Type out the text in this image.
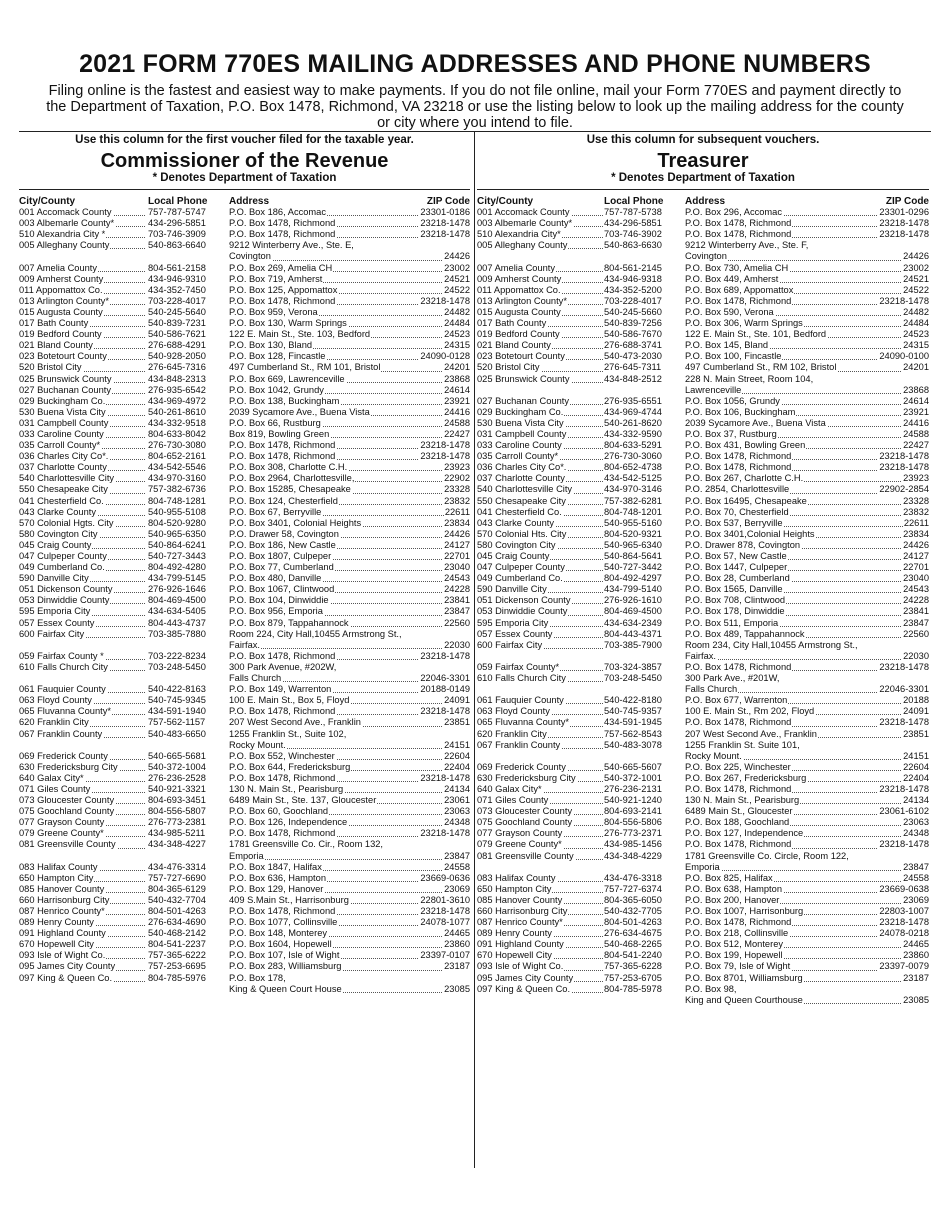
2021 FORM 770ES MAILING ADDRESSES AND PHONE NUMBERS

Filing online is the fastest and easiest way to make payments. If you do not file online, mail your Form 770ES and payment directly to the Department of Taxation, P.O. Box 1478, Richmond, VA 23218 or use the listing below to look up the mailing address for the county or city where you intend to file.

Use this column for the first voucher filed for the taxable year.

Commissioner of the Revenue

* Denotes Department of Taxation

City/County	Local Phone	Address	ZIP Code
001 Accomack County	757-787-5747	P.O. Box 186, Accomac	23301-0186
003 Albemarle County*	434-296-5851	P.O. Box 1478, Richmond	23218-1478
510 Alexandria City *	703-746-3909	P.O. Box 1478, Richmond	23218-1478
005 Alleghany County	540-863-6640	9212 Winterberry Ave., Ste. E,
Covington	24426
007 Amelia County	804-561-2158	P.O. Box 269, Amelia CH	23002
009 Amherst County	434-946-9310	P.O. Box 719, Amherst	24521
011 Appomattox Co.	434-352-7450	P.O. Box 125, Appomattox	24522
013 Arlington County*	703-228-4017	P.O. Box 1478, Richmond	23218-1478
015 Augusta County	540-245-5640	P.O. Box 959, Verona	24482
017 Bath County	540-839-7231	P.O. Box 130, Warm Springs	24484
019 Bedford County	540-586-7621	122 E. Main St., Ste. 103, Bedford	24523
021 Bland County	276-688-4291	P.O. Box 130, Bland	24315
023 Botetourt County	540-928-2050	P.O. Box 128, Fincastle	24090-0128
520 Bristol City	276-645-7316	497 Cumberland St., RM 101, Bristol	24201
025 Brunswick County	434-848-2313	P.O. Box 669, Lawrenceville	23868
027 Buchanan County	276-935-6542	P.O. Box 1042, Grundy	24614
029 Buckingham Co.	434-969-4972	P.O. Box 138, Buckingham	23921
530 Buena Vista City	540-261-8610	2039 Sycamore Ave., Buena Vista	24416
031 Campbell County	434-332-9518	P.O. Box 66, Rustburg	24588
033 Caroline County	804-633-8042	Box 819, Bowling Green	22427
035 Carroll County*	276-730-3080	P.O. Box 1478, Richmond	23218-1478
036 Charles City Co*.	804-652-2161	P.O. Box 1478, Richmond	23218-1478
037 Charlotte County	434-542-5546	P.O. Box 308, Charlotte C.H.	23923
540 Charlottesville City	434-970-3160	P.O. Box 2964, Charlottesville,	22902
550 Chesapeake City	757-382-6736	P.O. Box 15285, Chesapeake	23328
041 Chesterfield Co.	804-748-1281	P.O. Box 124, Chesterfield	23832
043 Clarke County	540-955-5108	P.O. Box 67, Berryville	22611
570 Colonial Hgts. City	804-520-9280	P.O. Box 3401, Colonial Heights	23834
580 Covington City	540-965-6350	P.O. Drawer 58, Covington	24426
045 Craig County	540-864-6241	P.O. Box 186, New Castle	24127
047 Culpeper County	540-727-3443	P.O. Box 1807, Culpeper	22701
049 Cumberland Co.	804-492-4280	P.O. Box 77, Cumberland	23040
590 Danville City	434-799-5145	P.O. Box 480, Danville	24543
051 Dickenson County	276-926-1646	P.O. Box 1067, Clintwood	24228
053 Dinwiddie County	804-469-4500	P.O. Box 104, Dinwiddie	23841
595 Emporia City	434-634-5405	P.O. Box 956, Emporia	23847
057 Essex County	804-443-4737	P.O. Box 879, Tappahannock	22560
600 Fairfax City	703-385-7880	Room 224, City Hall,10455 Armstrong St.,
Fairfax.	22030
059 Fairfax County *	703-222-8234	P.O. Box 1478, Richmond	23218-1478
610 Falls Church City	703-248-5450	300 Park Avenue, #202W,
Falls Church	22046-3301
061 Fauquier County	540-422-8163	P.O. Box 149, Warrenton	20188-0149
063 Floyd County	540-745-9345	100 E. Main St., Box 5, Floyd	24091
065 Fluvanna County*	434-591-1940	P.O. Box 1478, Richmond	23218-1478
620 Franklin City	757-562-1157	207 West Second Ave., Franklin	23851
067 Franklin County	540-483-6650	1255 Franklin St., Suite 102,
Rocky Mount.	24151
069 Frederick County	540-665-5681	P.O. Box 552, Winchester	22604
630 Fredericksburg City	540-372-1004	P.O. Box 644, Fredericksburg	22404
640 Galax City*	276-236-2528	P.O. Box 1478, Richmond	23218-1478
071 Giles County	540-921-3321	130 N. Main St., Pearisburg	24134
073 Gloucester County	804-693-3451	6489 Main St., Ste. 137, Gloucester	23061
075 Goochland County	804-556-5807	P.O. Box 60, Goochland	23063
077 Grayson County	276-773-2381	P.O. Box 126, Independence	24348
079 Greene County*	434-985-5211	P.O. Box 1478, Richmond	23218-1478
081 Greensville County	434-348-4227	1781 Greensville Co. Cir., Room 132,
Emporia	23847
083 Halifax County	434-476-3314	P.O. Box 1847, Halifax	24558
650 Hampton City	757-727-6690	P.O. Box 636, Hampton	23669-0636
085 Hanover County	804-365-6129	P.O. Box 129, Hanover	23069
660 Harrisonburg City	540-432-7704	409 S.Main St., Harrisonburg	22801-3610
087 Henrico County*	804-501-4263	P.O. Box 1478, Richmond	23218-1478
089 Henry County	276-634-4690	P.O. Box 1077, Collinsville	24078-1077
091 Highland County	540-468-2142	P.O. Box 148, Monterey	24465
670 Hopewell City	804-541-2237	P.O. Box 1604, Hopewell	23860
093 Isle of Wight Co.	757-365-6222	P.O. Box 107, Isle of Wight	23397-0107
095 James City County	757-253-6695	P.O. Box 283, Williamsburg	23187
097 King & Queen Co.	804-785-5976	P.O. Box 178,
King & Queen Court House	23085

Use this column for subsequent vouchers.

Treasurer

* Denotes Department of Taxation

City/County	Local Phone	Address	ZIP Code
001 Accomack County	757-787-5738	P.O. Box 296, Accomac	23301-0296
003 Albemarle County*	434-296-5851	P.O. Box 1478, Richmond	23218-1478
510 Alexandria City*	703-746-3902	P.O. Box 1478, Richmond	23218-1478
005 Alleghany County	540-863-6630	9212 Winterberry Ave., Ste. F,
Covington	24426
007 Amelia County	804-561-2145	P.O. Box 730, Amelia CH	23002
009 Amherst County	434-946-9318	P.O. Box 449, Amherst	24521
011 Appomattox Co.	434-352-5200	P.O. Box 689, Appomattox	24522
013 Arlington County*	703-228-4017	P.O. Box 1478, Richmond	23218-1478
015 Augusta County	540-245-5660	P.O. Box 590, Verona	24482
017 Bath County	540-839-7256	P.O. Box 306, Warm Springs	24484
019 Bedford County	540-586-7670	122 E. Main St., Ste. 101, Bedford	24523
021 Bland County	276-688-3741	P.O. Box 145, Bland	24315
023 Botetourt County	540-473-2030	P.O. Box 100, Fincastle	24090-0100
520 Bristol City	276-645-7311	497 Cumberland St., RM 102, Bristol	24201
025 Brunswick County	434-848-2512	228 N. Main Street, Room 104,
Lawrenceville	23868
027 Buchanan County	276-935-6551	P.O. Box 1056, Grundy	24614
029 Buckingham Co.	434-969-4744	P.O. Box 106, Buckingham	23921
530 Buena Vista City	540-261-8620	2039 Sycamore Ave., Buena Vista	24416
031 Campbell County	434-332-9590	P.O. Box 37, Rustburg	24588
033 Caroline County	804-633-5291	P.O. Box 431, Bowling Green	22427
035 Carroll County*	276-730-3060	P.O. Box 1478, Richmond	23218-1478
036 Charles City Co*.	804-652-4738	P.O. Box 1478, Richmond	23218-1478
037 Charlotte County	434-542-5125	P.O. Box 267, Charlotte C.H.	23923
540 Charlottesville City	434-970-3146	P.O. 2854, Charlottesville	22902-2854
550 Chesapeake City	757-382-6281	P.O. Box 16495, Chesapeake	23328
041 Chesterfield Co.	804-748-1201	P.O. Box 70, Chesterfield	23832
043 Clarke County	540-955-5160	P.O. Box 537, Berryville	22611
570 Colonial Hts. City	804-520-9321	P.O. Box 3401,Colonial Heights	23834
580 Covington City	540-965-6340	P.O. Drawer 878, Covington	24426
045 Craig County	540-864-5641	P.O. Box 57, New Castle	24127
047 Culpeper County	540-727-3442	P.O. Box 1447, Culpeper	22701
049 Cumberland Co.	804-492-4297	P.O. Box 28, Cumberland	23040
590 Danville City	434-799-5140	P.O. Box 1565, Danville	24543
051 Dickenson County	276-926-1610	P.O. Box 708, Clintwood	24228
053 Dinwiddie County	804-469-4500	P.O. Box 178, Dinwiddie	23841
595 Emporia City	434-634-2349	P.O. Box 511, Emporia	23847
057 Essex County	804-443-4371	P.O. Box 489, Tappahannock	22560
600 Fairfax City	703-385-7900	Room 234, City Hall,10455 Armstrong St.,
Fairfax.	22030
059 Fairfax County*	703-324-3857	P.O. Box 1478, Richmond	23218-1478
610 Falls Church City	703-248-5450	300 Park Ave., #201W,
Falls Church	22046-3301
061 Fauquier County	540-422-8180	P.O. Box 677, Warrenton	20188
063 Floyd County	540-745-9357	100 E. Main St., Rm 202, Floyd	24091
065 Fluvanna County*	434-591-1945	P.O. Box 1478, Richmond	23218-1478
620 Franklin City	757-562-8543	207 West Second Ave., Franklin	23851
067 Franklin County	540-483-3078	1255 Franklin St. Suite 101,
Rocky Mount.	24151
069 Frederick County	540-665-5607	P.O. Box 225, Winchester	22604
630 Fredericksburg City	540-372-1001	P.O. Box 267, Fredericksburg	22404
640 Galax City*	276-236-2131	P.O. Box 1478, Richmond	23218-1478
071 Giles County	540-921-1240	130 N. Main St., Pearisburg	24134
073 Gloucester County	804-693-2141	6489 Main St., Gloucester	23061-6102
075 Goochland County	804-556-5806	P.O. Box 188, Goochland	23063
077 Grayson County	276-773-2371	P.O. Box 127, Independence	24348
079 Greene County*	434-985-1456	P.O. Box 1478, Richmond	23218-1478
081 Greensville County	434-348-4229	1781 Greensville Co. Circle, Room 122,
Emporia	23847
083 Halifax County	434-476-3318	P.O. Box 825, Halifax	24558
650 Hampton City	757-727-6374	P.O. Box 638, Hampton	23669-0638
085 Hanover County	804-365-6050	P.O. Box 200, Hanover	23069
660 Harrisonburg City	540-432-7705	P.O. Box 1007, Harrisonburg	22803-1007
087 Henrico County*	804-501-4263	P.O. Box 1478, Richmond	23218-1478
089 Henry County	276-634-4675	P.O. Box 218, Collinsville	24078-0218
091 Highland County	540-468-2265	P.O. Box 512, Monterey	24465
670 Hopewell City	804-541-2240	P.O. Box 199, Hopewell	23860
093 Isle of Wight Co.	757-365-6228	P.O. Box 79, Isle of Wight	23397-0079
095 James City County	757-253-6705	P.O. Box 8701, Williamsburg	23187
097 King & Queen Co.	804-785-5978	P.O. Box 98,
King and Queen Courthouse	23085
